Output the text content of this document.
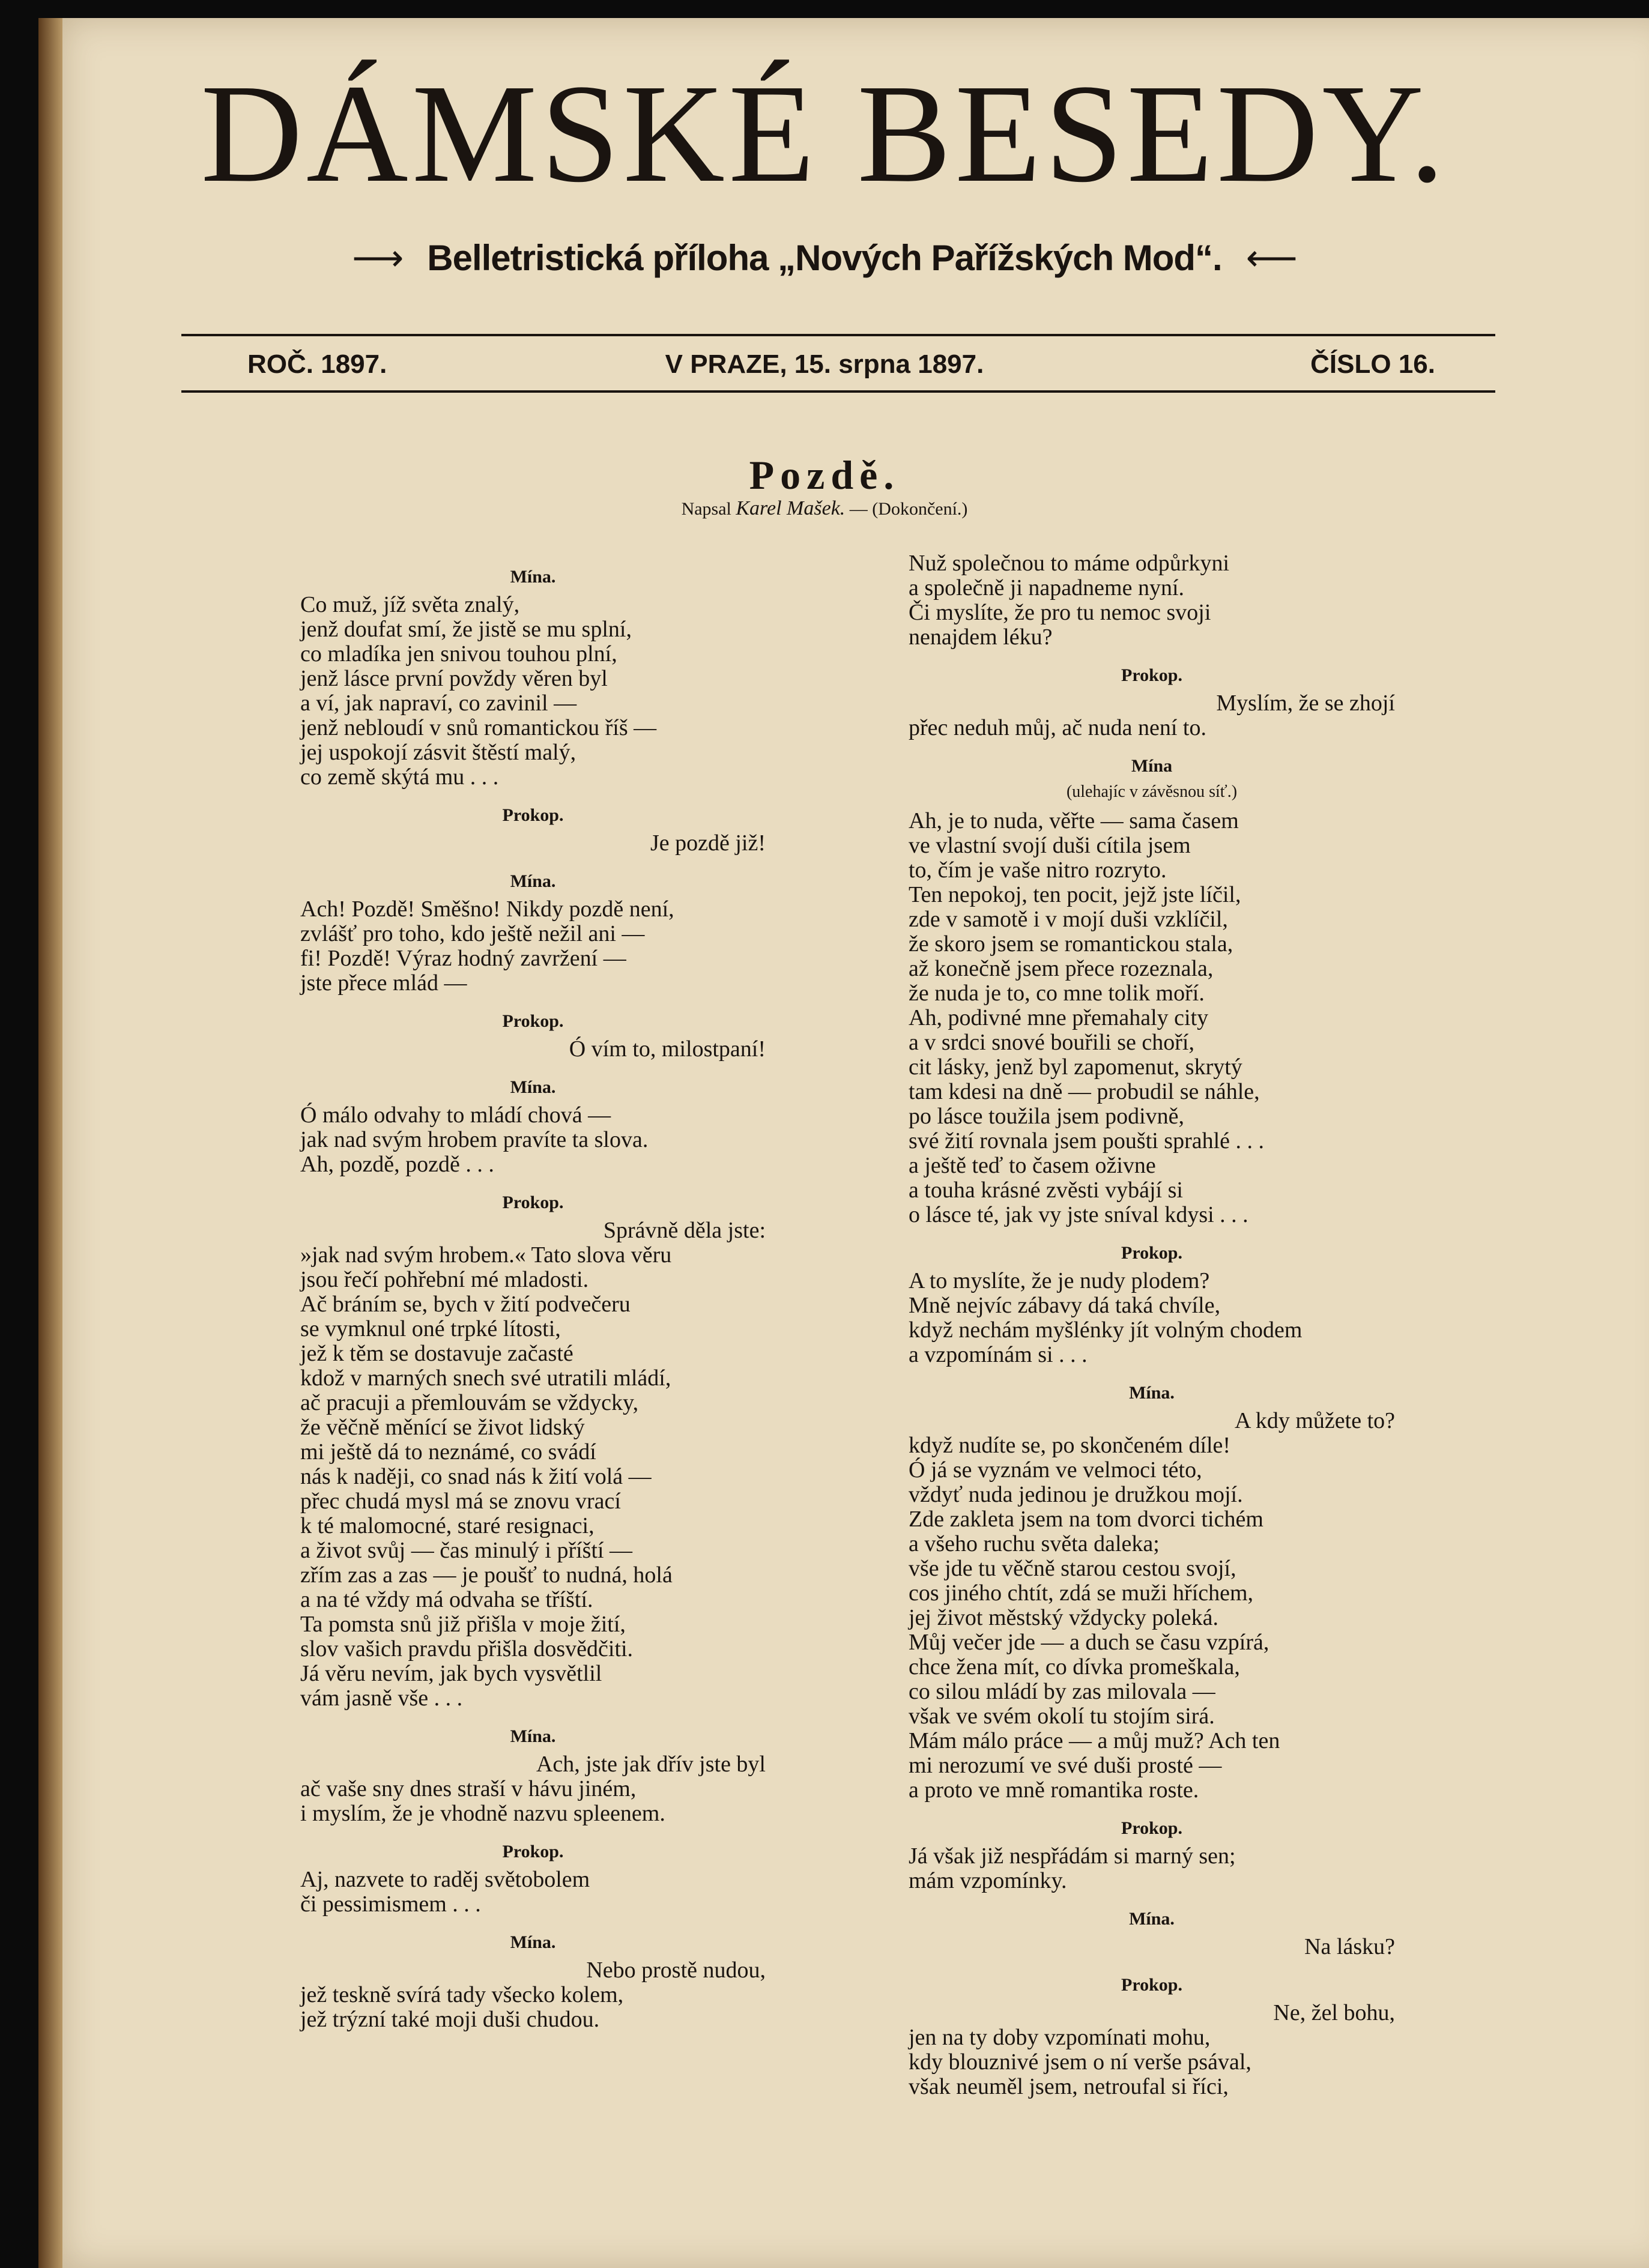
DÁMSKÉ BESEDY.
⟶ Belletristická příloha „Nových Pařížských Mod“. ⟵
ROČ. 1897.	V PRAZE, 15. srpna 1897.	ČÍSLO 16.
Pozdě.
Napsal Karel Mašek. — (Dokončení.)
Mína.
Co muž, jíž světa znalý,
jenž doufat smí, že jistě se mu splní,
co mladíka jen snivou touhou plní,
jenž lásce první povždy věren byl
a ví, jak napraví, co zavinil —
jenž nebloudí v snů romantickou říš —
jej uspokojí zásvit štěstí malý,
co země skýtá mu . . .
Prokop.
Je pozdě již!
Mína.
Ach! Pozdě! Směšno! Nikdy pozdě není,
zvlášť pro toho, kdo ještě nežil ani —
fi! Pozdě! Výraz hodný zavržení —
jste přece mlád —
Prokop.
Ó vím to, milostpaní!
Mína.
Ó málo odvahy to mládí chová —
jak nad svým hrobem pravíte ta slova.
Ah, pozdě, pozdě . . .
Prokop.
Správně děla jste:
»jak nad svým hrobem.« Tato slova věru
jsou řečí pohřební mé mladosti.
Ač bráním se, bych v žití podvečeru
se vymknul oné trpké lítosti,
jež k těm se dostavuje začasté
kdož v marných snech své utratili mládí,
ač pracuji a přemlouvám se vždycky,
že věčně měnící se život lidský
mi ještě dá to neznámé, co svádí
nás k naději, co snad nás k žití volá —
přec chudá mysl má se znovu vrací
k té malomocné, staré resignaci,
a život svůj — čas minulý i příští —
zřím zas a zas — je poušť to nudná, holá
a na té vždy má odvaha se tříští.
Ta pomsta snů již přišla v moje žití,
slov vašich pravdu přišla dosvědčiti.
Já věru nevím, jak bych vysvětlil
vám jasně vše . . .
Mína.
Ach, jste jak dřív jste byl
ač vaše sny dnes straší v hávu jiném,
i myslím, že je vhodně nazvu spleenem.
Prokop.
Aj, nazvete to raděj světobolem
či pessimismem . . .
Mína.
Nebo prostě nudou,
jež teskně svírá tady všecko kolem,
jež trýzní také moji duši chudou.
Nuž společnou to máme odpůrkyni
a společně ji napadneme nyní.
Či myslíte, že pro tu nemoc svoji
nenajdem léku?
Prokop.
Myslím, že se zhojí
přec neduh můj, ač nuda není to.
Mína
(ulehajíc v závěsnou síť.)
Ah, je to nuda, věřte — sama časem
ve vlastní svojí duši cítila jsem
to, čím je vaše nitro rozryto.
Ten nepokoj, ten pocit, jejž jste líčil,
zde v samotě i v mojí duši vzklíčil,
že skoro jsem se romantickou stala,
až konečně jsem přece rozeznala,
že nuda je to, co mne tolik moří.
Ah, podivné mne přemahaly city
a v srdci snové bouřili se choří,
cit lásky, jenž byl zapomenut, skrytý
tam kdesi na dně — probudil se náhle,
po lásce toužila jsem podivně,
své žití rovnala jsem poušti sprahlé . . .
a ještě teď to časem oživne
a touha krásné zvěsti vybájí si
o lásce té, jak vy jste sníval kdysi . . .
Prokop.
A to myslíte, že je nudy plodem?
Mně nejvíc zábavy dá taká chvíle,
když nechám myšlénky jít volným chodem
a vzpomínám si . . .
Mína.
A kdy můžete to?
když nudíte se, po skončeném díle!
Ó já se vyznám ve velmoci této,
vždyť nuda jedinou je družkou mojí.
Zde zakleta jsem na tom dvorci tichém
a všeho ruchu světa daleka;
vše jde tu věčně starou cestou svojí,
cos jiného chtít, zdá se muži hříchem,
jej život městský vždycky poleká.
Můj večer jde — a duch se času vzpírá,
chce žena mít, co dívka promeškala,
co silou mládí by zas milovala —
však ve svém okolí tu stojím sirá.
Mám málo práce — a můj muž? Ach ten
mi nerozumí ve své duši prosté —
a proto ve mně romantika roste.
Prokop.
Já však již nespřádám si marný sen;
mám vzpomínky.
Mína.
Na lásku?
Prokop.
Ne, žel bohu,
jen na ty doby vzpomínati mohu,
kdy blouznivé jsem o ní verše psával,
však neuměl jsem, netroufal si říci,
